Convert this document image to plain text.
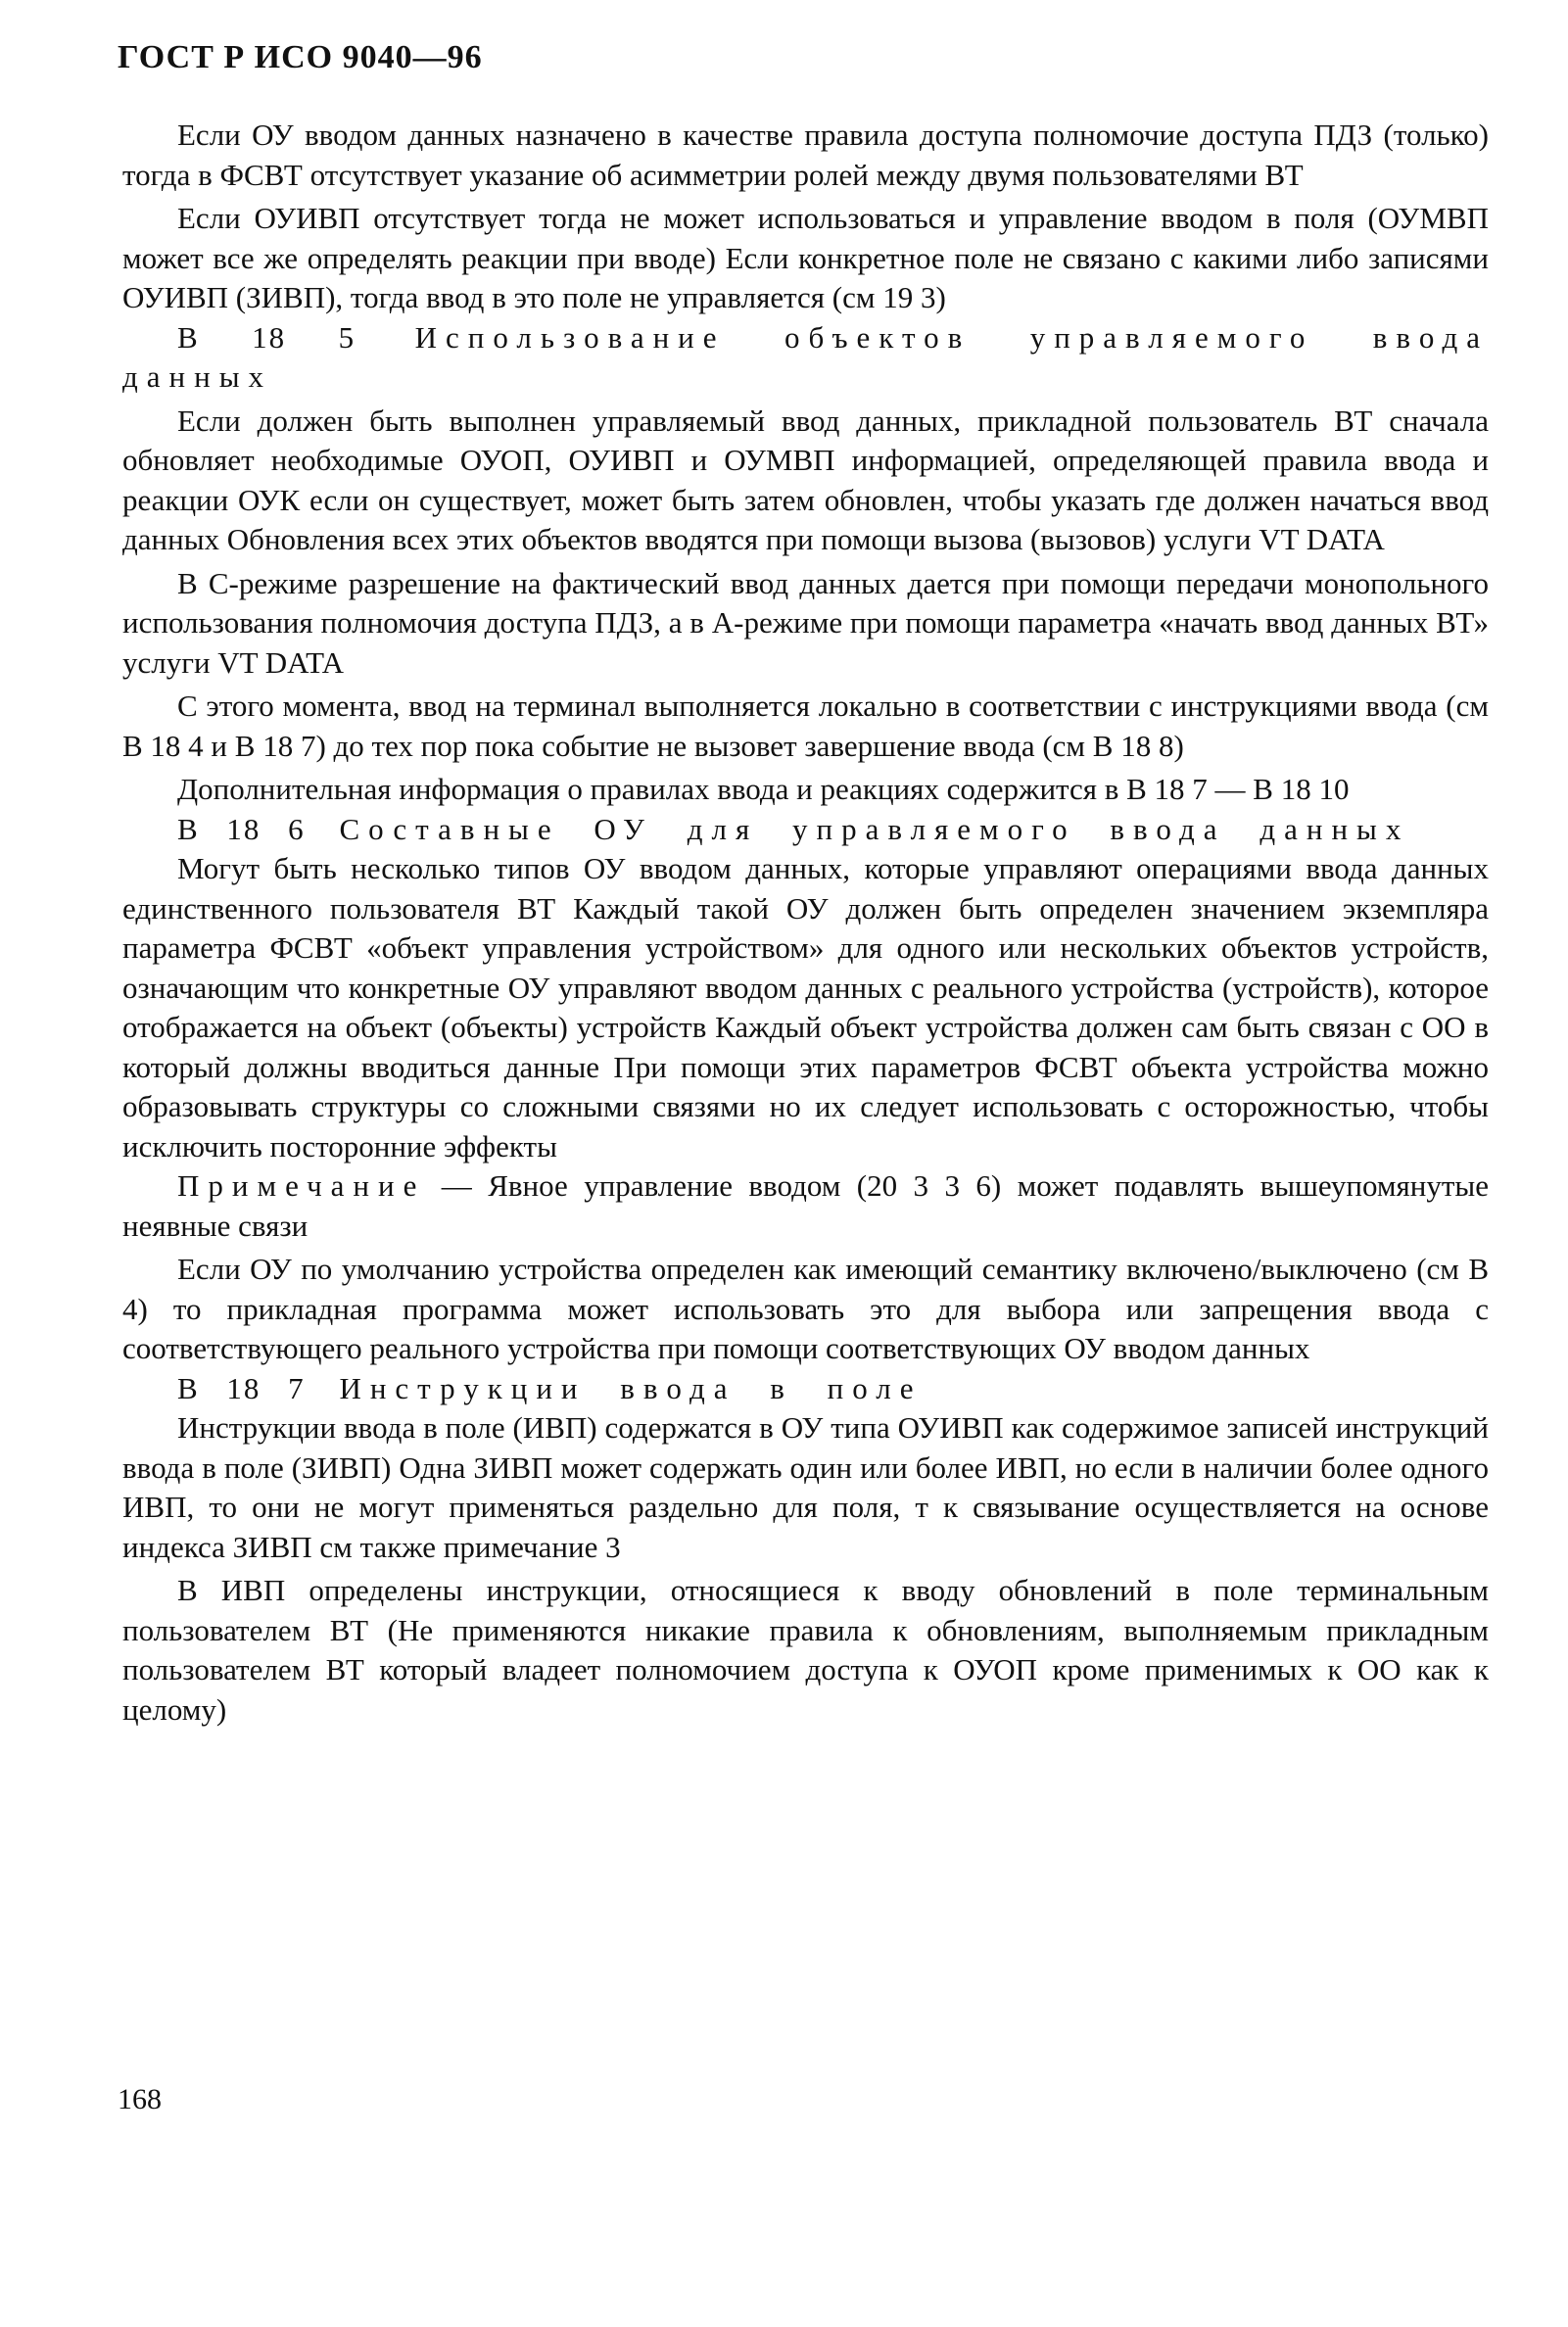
ГОСТ Р ИСО 9040—96

Если ОУ вводом данных назначено в качестве правила доступа полномочие доступа ПДЗ (только) тогда в ФСВТ отсутствует указание об асимметрии ролей между двумя пользователями ВТ

Если ОУИВП отсутствует тогда не может использоваться и управление вводом в поля (ОУМВП может все же определять реакции при вводе) Если конкретное поле не связано с какими либо записями ОУИВП (ЗИВП), тогда ввод в это поле не управляется (см 19 3)

В 18 5 Использование объектов управляемого ввода данных

Если должен быть выполнен управляемый ввод данных, прикладной пользователь ВТ сначала обновляет необходимые ОУОП, ОУИВП и ОУМВП информацией, определяющей правила ввода и реакции ОУК если он существует, может быть затем обновлен, чтобы указать где должен начаться ввод данных Обновления всех этих объектов вводятся при помощи вызова (вызовов) услуги VT DATA

В С-режиме разрешение на фактический ввод данных дается при помощи передачи монопольного использования полномочия доступа ПДЗ, а в А-режиме при помощи параметра «начать ввод данных ВТ» услуги VT DATA

С этого момента, ввод на терминал выполняется локально в соответствии с инструкциями ввода (см В 18 4 и В 18 7) до тех пор пока событие не вызовет завершение ввода (см В 18 8)

Дополнительная информация о правилах ввода и реакциях содержится в В 18 7 — В 18 10

В 18 6 Составные ОУ для управляемого ввода данных

Могут быть несколько типов ОУ вводом данных, которые управляют операциями ввода данных единственного пользователя ВТ Каждый такой ОУ должен быть определен значением экземпляра параметра ФСВТ «объект управления устройством» для одного или нескольких объектов устройств, означающим что конкретные ОУ управляют вводом данных с реального устройства (устройств), которое отображается на объект (объекты) устройств Каждый объект устройства должен сам быть связан с ОО в который должны вводиться данные При помощи этих параметров ФСВТ объекта устройства можно образовывать структуры со сложными связями но их следует использовать с осторожностью, чтобы исключить посторонние эффекты

Примечание — Явное управление вводом (20 3 3 6) может подавлять вышеупомянутые неявные связи

Если ОУ по умолчанию устройства определен как имеющий семантику включено/выключено (см В 4) то прикладная программа может использовать это для выбора или запрещения ввода с соответствующего реального устройства при помощи соответствующих ОУ вводом данных

В 18 7 Инструкции ввода в поле

Инструкции ввода в поле (ИВП) содержатся в ОУ типа ОУИВП как содержимое записей инструкций ввода в поле (ЗИВП) Одна ЗИВП может содержать один или более ИВП, но если в наличии более одного ИВП, то они не могут применяться раздельно для поля, т к связывание осуществляется на основе индекса ЗИВП см также примечание 3

В ИВП определены инструкции, относящиеся к вводу обновлений в поле терминальным пользователем ВТ (Не применяются никакие правила к обновлениям, выполняемым прикладным пользователем ВТ который владеет полномочием доступа к ОУОП кроме применимых к ОО как к целому)

168
